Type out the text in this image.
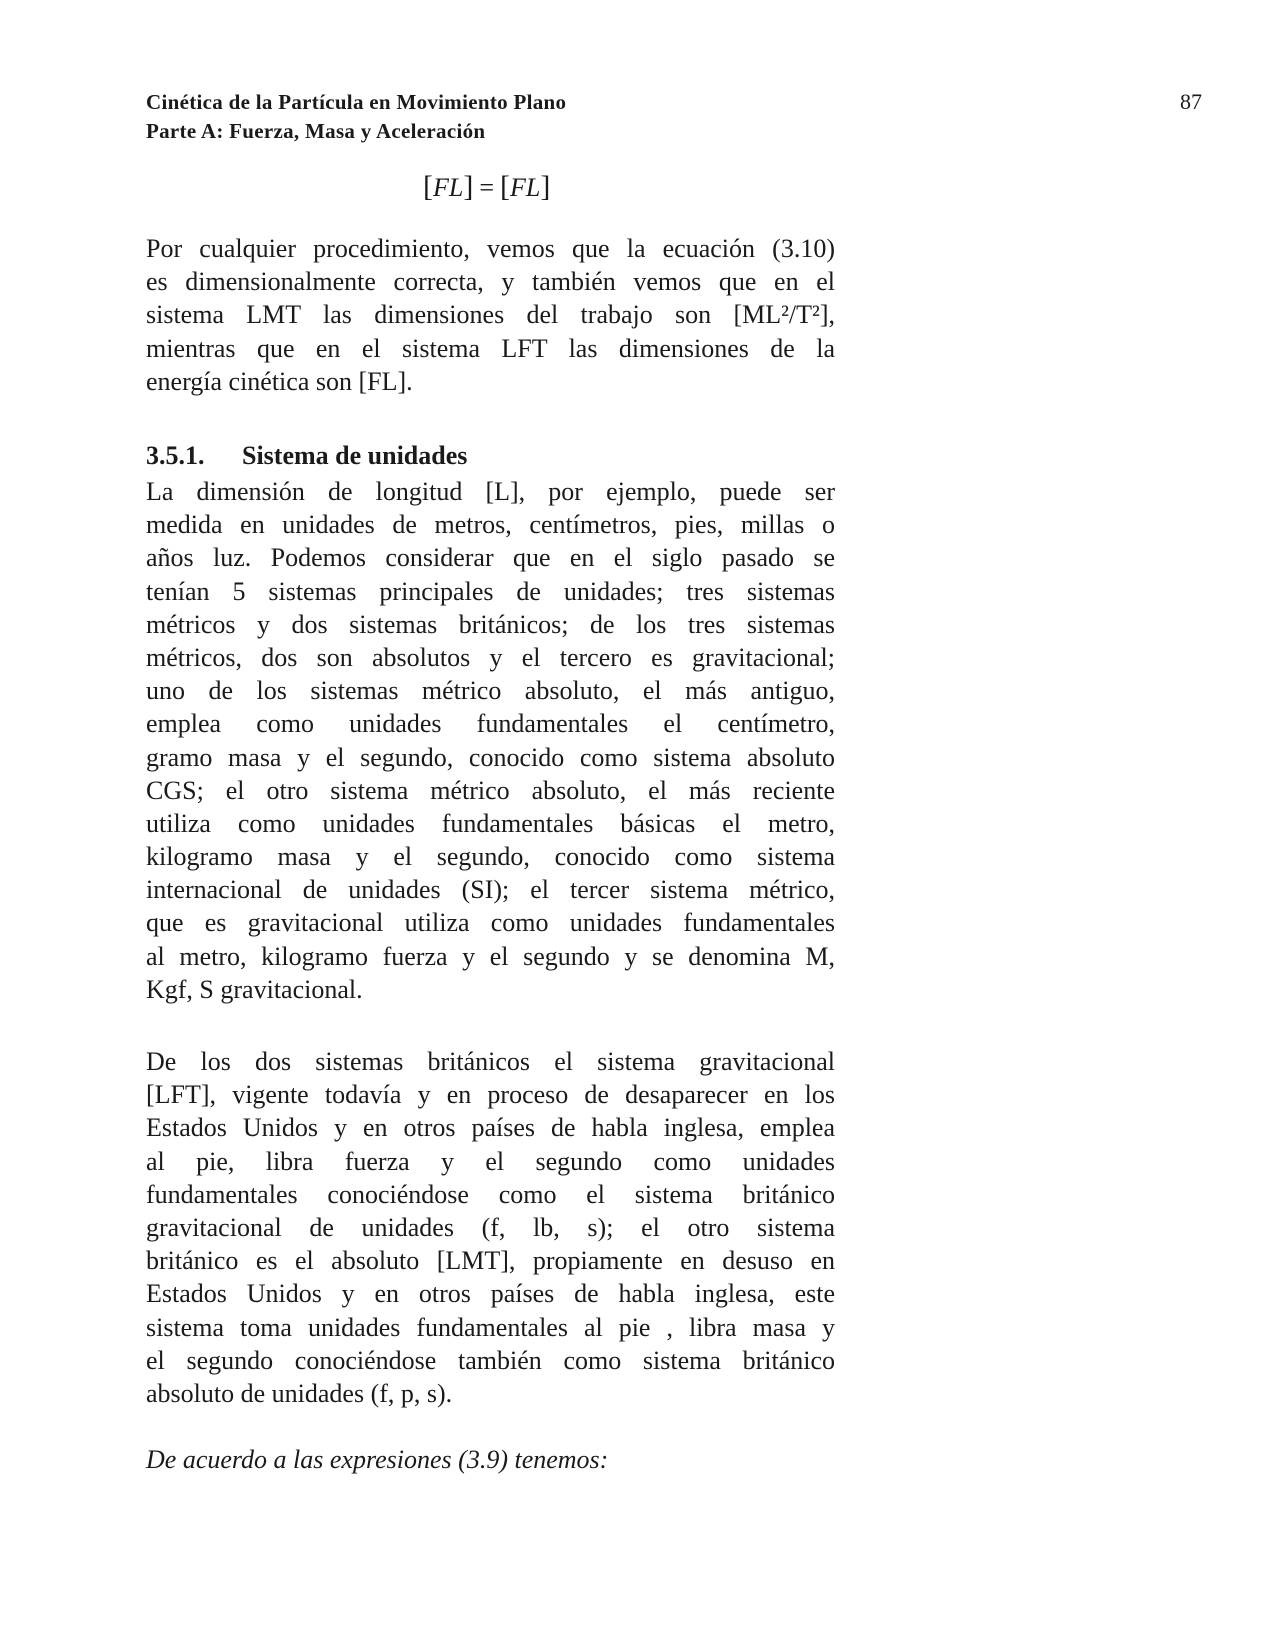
Cinética de la Partícula en Movimiento Plano
Parte A: Fuerza, Masa y Aceleración
87
[FL] = [FL]
Por cualquier procedimiento, vemos que la ecuación (3.10)
es dimensionalmente correcta, y también vemos que en el
sistema LMT las dimensiones del trabajo son [ML²/T²],
mientras que en el sistema LFT las dimensiones de la
energía cinética son [FL].
3.5.1. Sistema de unidades
La dimensión de longitud [L], por ejemplo, puede ser
medida en unidades de metros, centímetros, pies, millas o
años luz. Podemos considerar que en el siglo pasado se
tenían 5 sistemas principales de unidades; tres sistemas
métricos y dos sistemas británicos; de los tres sistemas
métricos, dos son absolutos y el tercero es gravitacional;
uno de los sistemas métrico absoluto, el más antiguo,
emplea como unidades fundamentales el centímetro,
gramo masa y el segundo, conocido como sistema absoluto
CGS; el otro sistema métrico absoluto, el más reciente
utiliza como unidades fundamentales básicas el metro,
kilogramo masa y el segundo, conocido como sistema
internacional de unidades (SI); el tercer sistema métrico,
que es gravitacional utiliza como unidades fundamentales
al metro, kilogramo fuerza y el segundo y se denomina M,
Kgf, S gravitacional.
De los dos sistemas británicos el sistema gravitacional
[LFT], vigente todavía y en proceso de desaparecer en los
Estados Unidos y en otros países de habla inglesa, emplea
al pie, libra fuerza y el segundo como unidades
fundamentales conociéndose como el sistema británico
gravitacional de unidades (f, lb, s); el otro sistema
británico es el absoluto [LMT], propiamente en desuso en
Estados Unidos y en otros países de habla inglesa, este
sistema toma unidades fundamentales al pie , libra masa y
el segundo conociéndose también como sistema británico
absoluto de unidades (f, p, s).
De acuerdo a las expresiones (3.9) tenemos:
